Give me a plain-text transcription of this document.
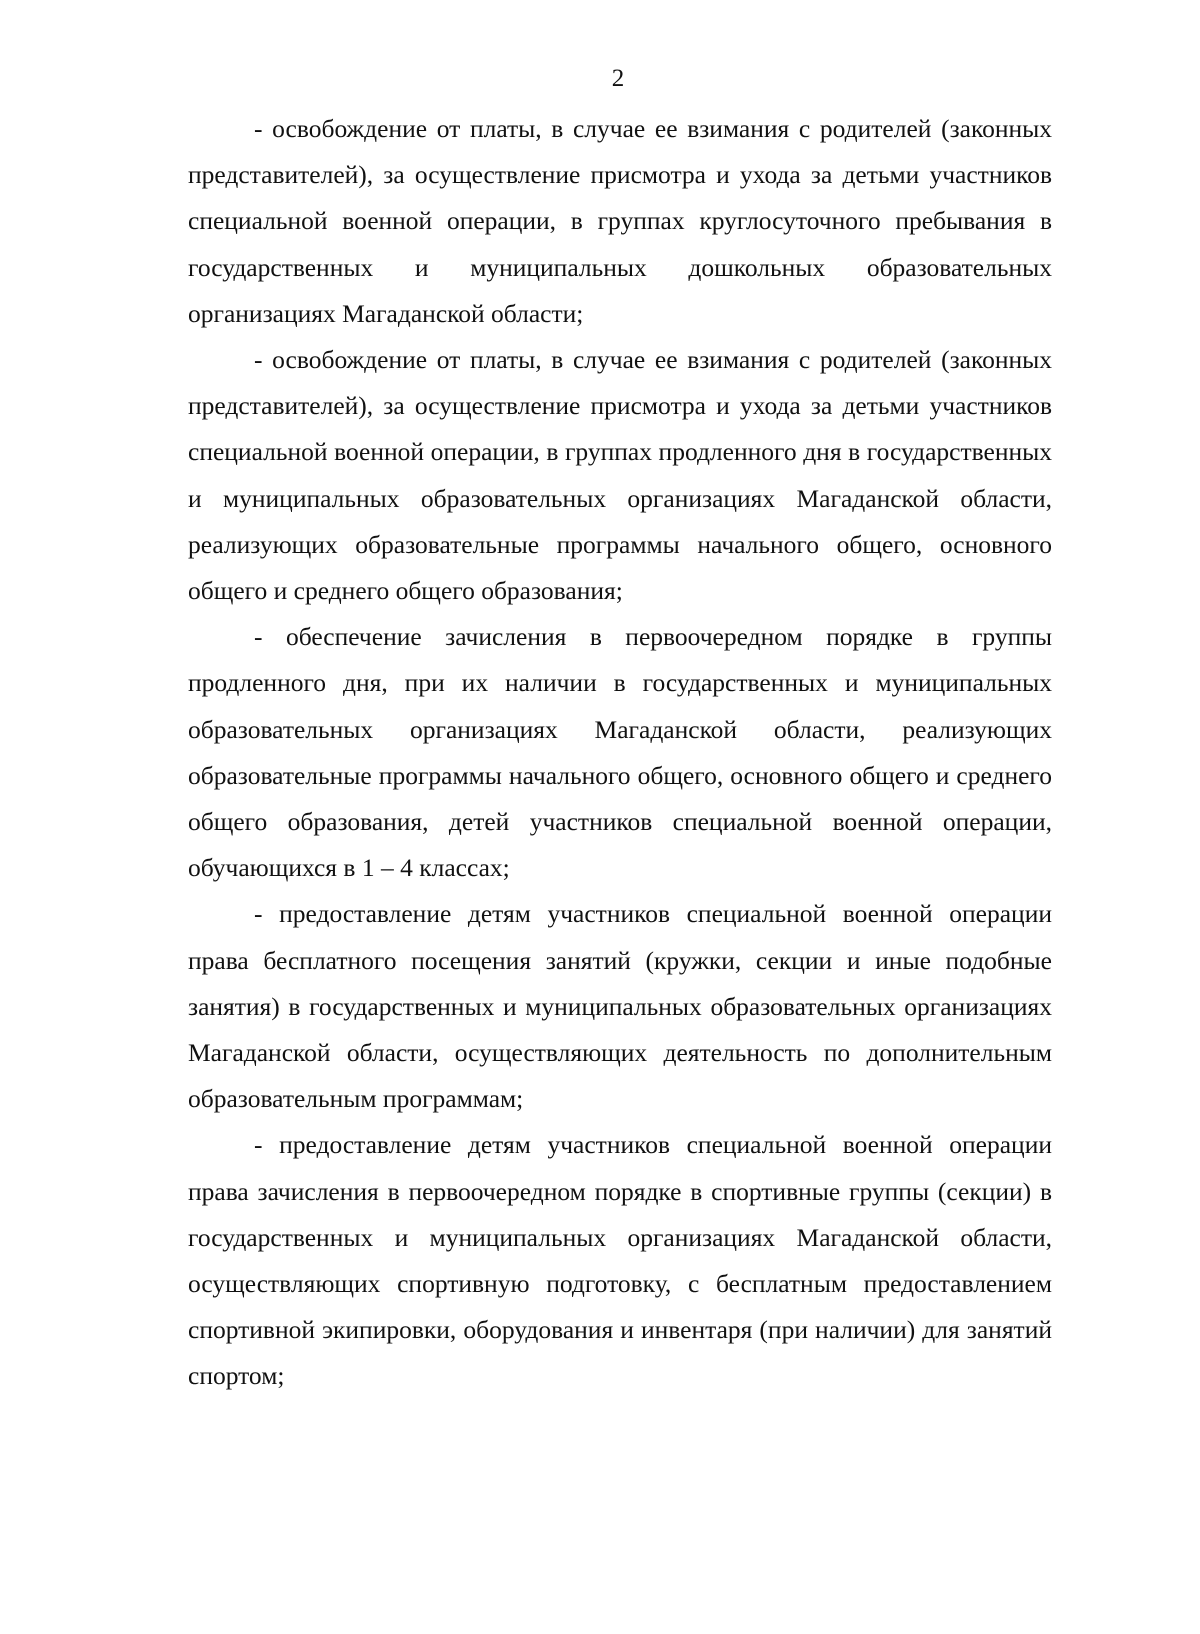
2

- освобождение от платы, в случае ее взимания с родителей (законных представителей), за осуществление присмотра и ухода за детьми участников специальной военной операции, в группах круглосуточного пребывания в государственных и муниципальных дошкольных образовательных организациях Магаданской области;

- освобождение от платы, в случае ее взимания с родителей (законных представителей), за осуществление присмотра и ухода за детьми участников специальной военной операции, в группах продленного дня в государственных и муниципальных образовательных организациях Магаданской области, реализующих образовательные программы начального общего, основного общего и среднего общего образования;

- обеспечение зачисления в первоочередном порядке в группы продленного дня, при их наличии в государственных и муниципальных образовательных организациях Магаданской области, реализующих образовательные программы начального общего, основного общего и среднего общего образования, детей участников специальной военной операции, обучающихся в 1 – 4 классах;

- предоставление детям участников специальной военной операции права бесплатного посещения занятий (кружки, секции и иные подобные занятия) в государственных и муниципальных образовательных организациях Магаданской области, осуществляющих деятельность по дополнительным образовательным программам;

- предоставление детям участников специальной военной операции права зачисления в первоочередном порядке в спортивные группы (секции) в государственных и муниципальных организациях Магаданской области, осуществляющих спортивную подготовку, с бесплатным предоставлением спортивной экипировки, оборудования и инвентаря (при наличии) для занятий спортом;
